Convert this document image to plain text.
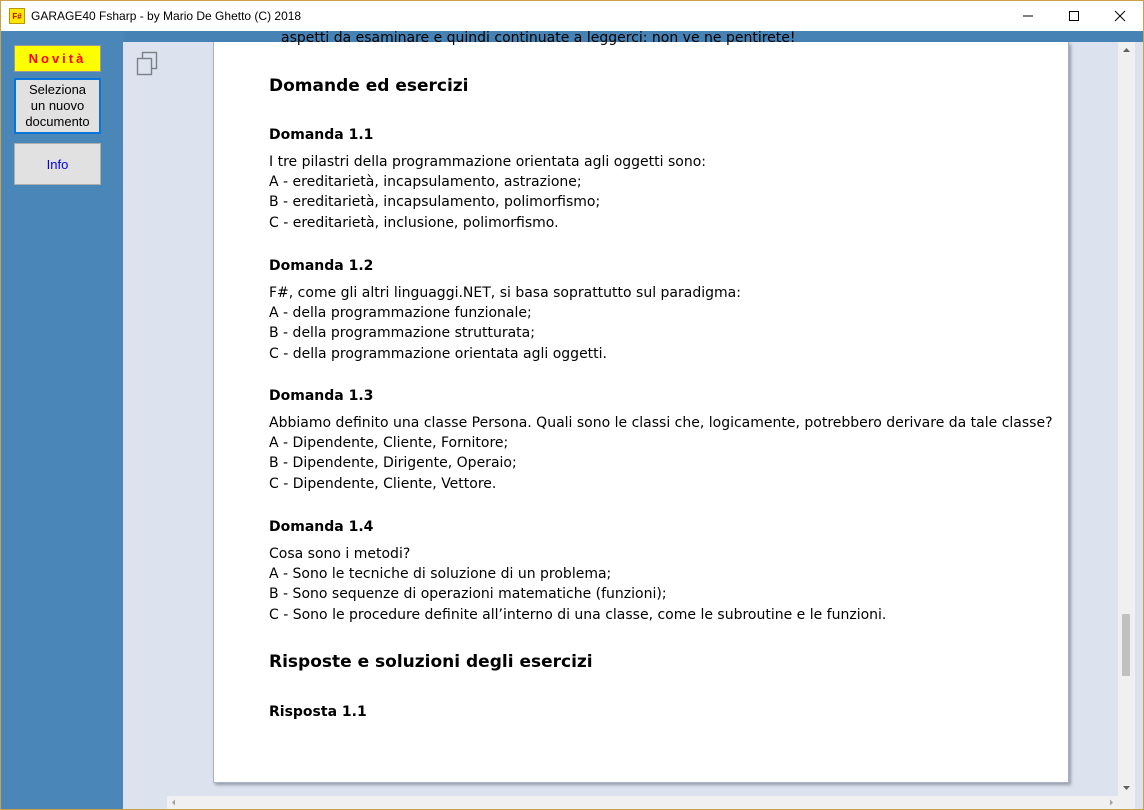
F# GARAGE40 Fsharp - by Mario De Ghetto (C) 2018
Novità
Seleziona un nuovo documento
Info
aspetti da esaminare e quindi continuate a leggerci: non ve ne pentirete!
Domande ed esercizi
Domanda 1.1
I tre pilastri della programmazione orientata agli oggetti sono:
A - ereditarietà, incapsulamento, astrazione;
B - ereditarietà, incapsulamento, polimorfismo;
C - ereditarietà, inclusione, polimorfismo.
Domanda 1.2
F#, come gli altri linguaggi.NET, si basa soprattutto sul paradigma:
A - della programmazione funzionale;
B - della programmazione strutturata;
C - della programmazione orientata agli oggetti.
Domanda 1.3
Abbiamo definito una classe Persona. Quali sono le classi che, logicamente, potrebbero derivare da tale classe?
A - Dipendente, Cliente, Fornitore;
B - Dipendente, Dirigente, Operaio;
C - Dipendente, Cliente, Vettore.
Domanda 1.4
Cosa sono i metodi?
A - Sono le tecniche di soluzione di un problema;
B - Sono sequenze di operazioni matematiche (funzioni);
C - Sono le procedure definite all’interno di una classe, come le subroutine e le funzioni.
Risposte e soluzioni degli esercizi
Risposta 1.1
